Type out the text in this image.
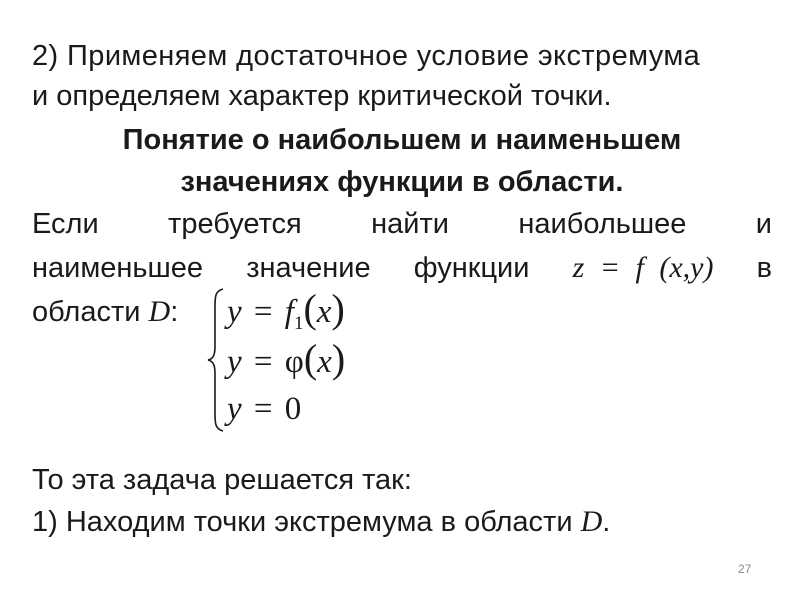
2) Применяем достаточное условие экстремума
и определяем характер критической точки.
Понятие о наибольшем и наименьшем
значениях функции в области.
Если требуется найти наибольшее и
наименьшее значение функции z = f (x,y) в
области D:	$y = f_1(x)$
y = φ(x)
y = 0
То эта задача решается так:
1) Находим точки экстремума в области D.
27
